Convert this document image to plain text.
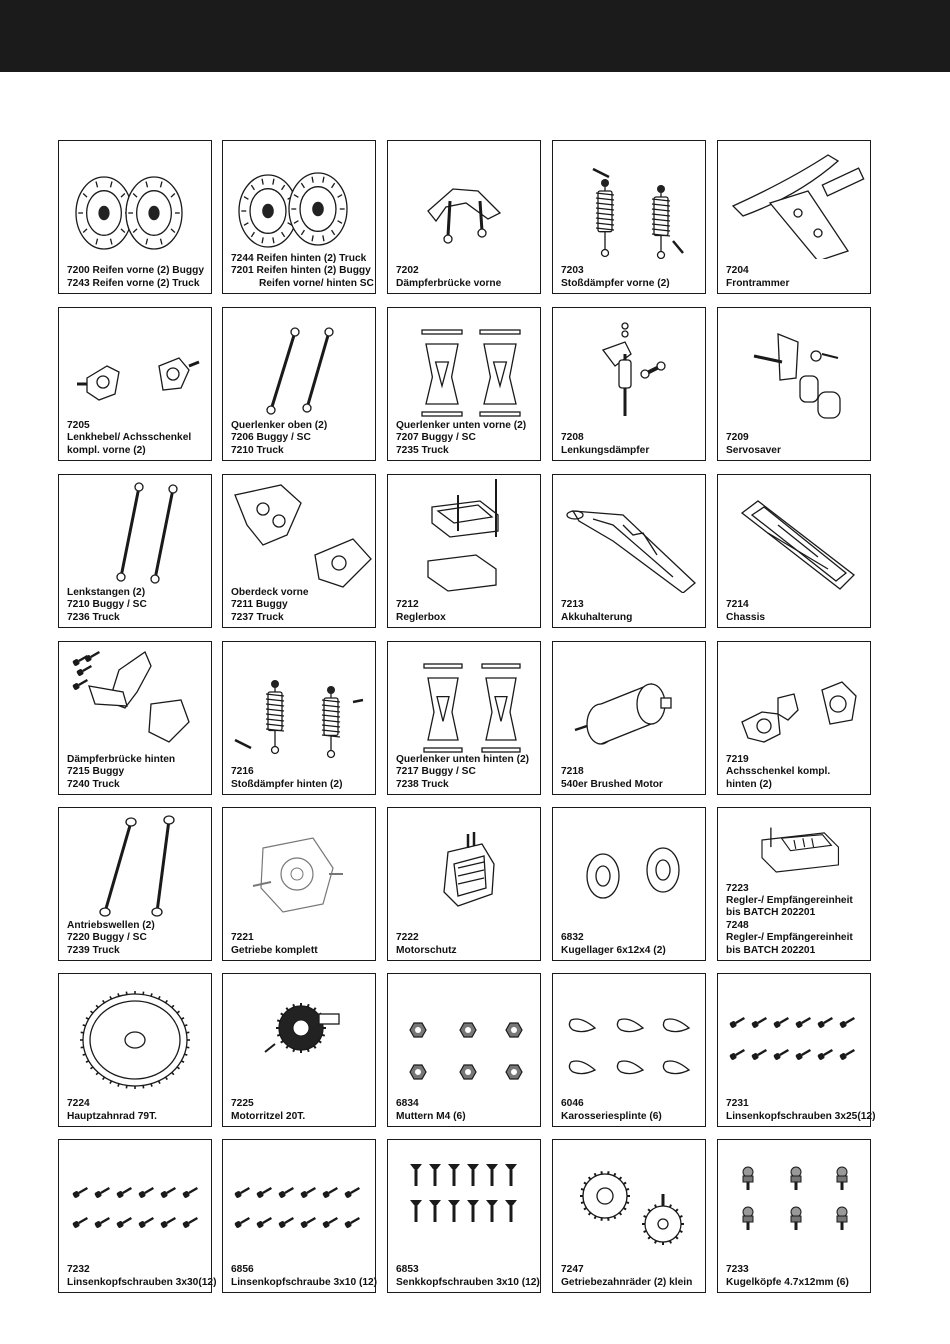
7200 Reifen vorne (2) Buggy
7243 Reifen vorne (2) Truck
7244 Reifen hinten (2) Truck
7201 Reifen hinten (2) Buggy
Reifen vorne/ hinten SC
7202
Dämpferbrücke vorne
7203
Stoßdämpfer vorne (2)
7204
Frontrammer
7205
Lenkhebel/ Achsschenkel
kompl. vorne (2)
Querlenker oben (2)
7206 Buggy / SC
7210 Truck
Querlenker unten vorne (2)
7207 Buggy / SC
7235 Truck
7208
Lenkungsdämpfer
7209
Servosaver
Lenkstangen (2)
7210 Buggy / SC
7236 Truck
Oberdeck vorne
7211 Buggy
7237 Truck
7212
Reglerbox
7213
Akkuhalterung
7214
Chassis
Dämpferbrücke hinten
7215 Buggy
7240 Truck
7216
Stoßdämpfer hinten (2)
Querlenker unten hinten (2)
7217 Buggy / SC
7238 Truck
7218
540er Brushed Motor
7219
Achsschenkel kompl.
hinten (2)
Antriebswellen (2)
7220 Buggy / SC
7239 Truck
7221
Getriebe komplett
7222
Motorschutz
6832
Kugellager 6x12x4 (2)
7223
Regler-/ Empfängereinheit
bis BATCH 202201
7248
Regler-/ Empfängereinheit
bis BATCH 202201
7224
Hauptzahnrad 79T.
7225
Motorritzel 20T.
6834
Muttern M4 (6)
6046
Karosseriesplinte (6)
7231
Linsenkopfschrauben 3x25(12)
7232
Linsenkopfschrauben 3x30(12)
6856
Linsenkopfschraube 3x10 (12)
6853
Senkkopfschrauben 3x10 (12)
7247
Getriebezahnräder (2) klein
7233
Kugelköpfe 4.7x12mm (6)
